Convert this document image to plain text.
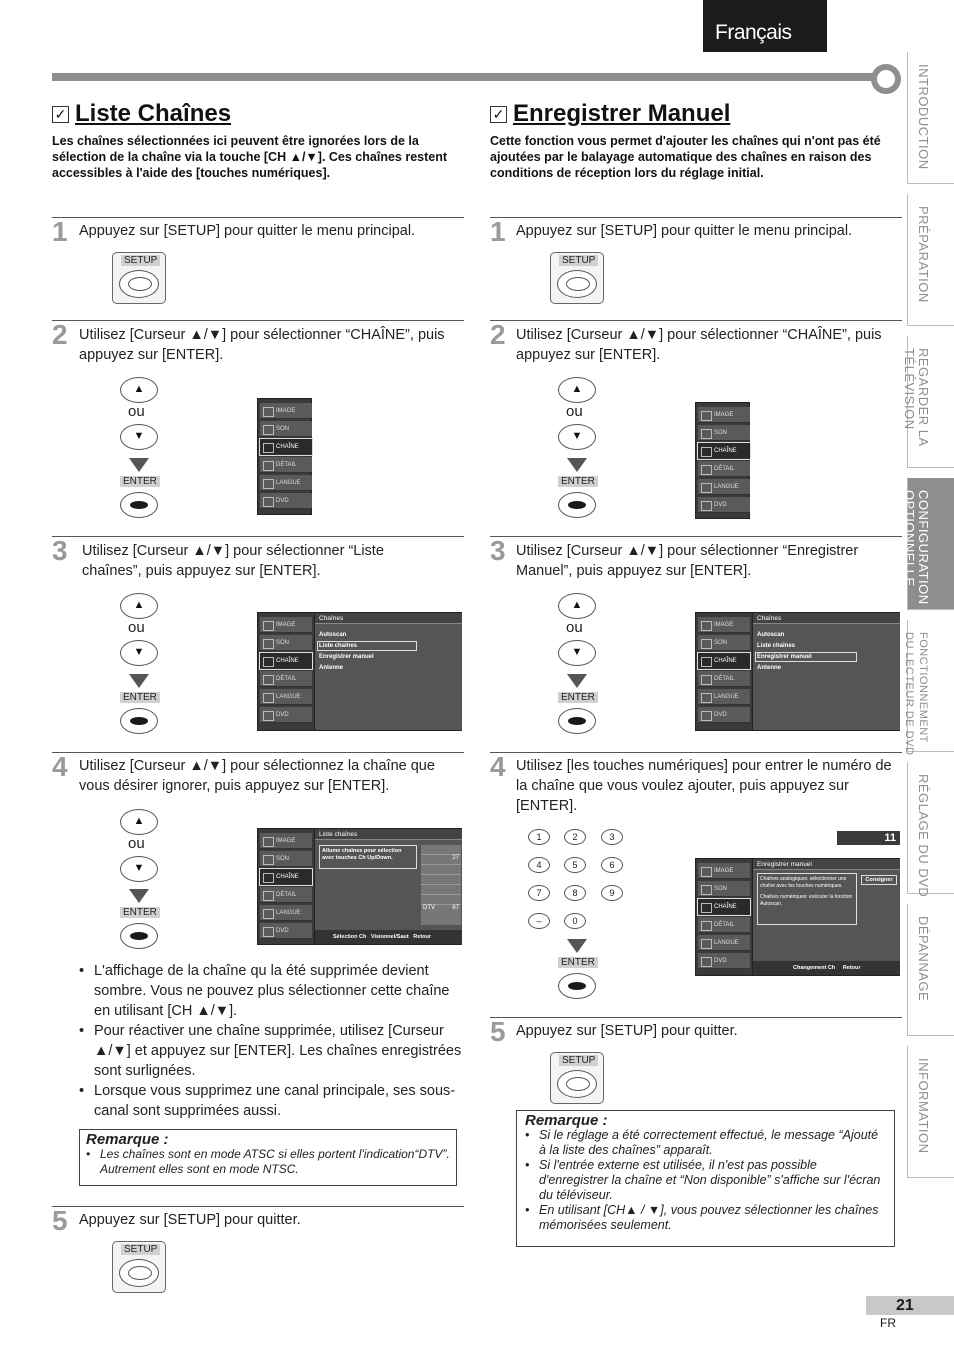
Français
INTRODUCTION
PRÉPARATION
REGARDER LA TÉLÉVISION
CONFIGURATION OPTIONNELLE
FONCTIONNEMENT DU LECTEUR DE DVD
RÉGLAGE DU DVD
DÉPANNAGE
INFORMATION
✓ Liste Chaînes
Les chaînes sélectionnées ici peuvent être ignorées lors de la sélection de la chaîne via la touche [CH ▲/▼]. Ces chaînes restent accessibles à l'aide des [touches numériques].
1 Appuyez sur [SETUP] pour quitter le menu principal.
SETUP
2 Utilisez [Curseur ▲/▼] pour sélectionner “CHAÎNE”, puis appuyez sur [ENTER].
▲
ou
▼
ENTER
IMAGE
SON
CHAÎNE
DÉTAIL
LANGUE
DVD
3 Utilisez [Curseur ▲/▼] pour sélectionner “Liste chaînes”, puis appuyez sur [ENTER].
▲
ou
▼
ENTER
IMAGE
SON
CHAÎNE
DÉTAIL
LANGUE
DVD
Chaînes
Autoscan
Liste chaînes
Enregistrer manuel
Antenne
4 Utilisez [Curseur ▲/▼] pour sélectionnez la chaîne que vous désirer ignorer, puis appuyez sur [ENTER].
▲
ou
▼
ENTER
IMAGE
SON
CHAÎNE
DÉTAIL
LANGUE
DVD
Liste chaînes
Allume chaînes pour sélection avec touches Ch Up/Down.	27
DTV	67
Sélection Ch Visionnel/Saut Retour
• L'affichage de la chaîne qu la été supprimée devient sombre. Vous ne pouvez plus sélectionner cette chaîne en utilisant [CH ▲/▼].
• Pour réactiver une chaîne supprimée, utilisez [Curseur ▲/▼] et appuyez sur [ENTER]. Les chaînes enregistrées sont surlignées.
• Lorsque vous supprimez une canal principale, ses sous-canal sont supprimées aussi.
Remarque :
• Les chaînes sont en mode ATSC si elles portent l'indication“DTV”. Autrement elles sont en mode NTSC.
5 Appuyez sur [SETUP] pour quitter.
SETUP
✓ Enregistrer Manuel
Cette fonction vous permet d'ajouter les chaînes qui n'ont pas été ajoutées par le balayage automatique des chaînes en raison des conditions de réception lors du réglage initial.
1 Appuyez sur [SETUP] pour quitter le menu principal.
SETUP
2 Utilisez [Curseur ▲/▼] pour sélectionner “CHAÎNE”, puis appuyez sur [ENTER].
▲
ou
▼
ENTER
IMAGE
SON
CHAÎNE
DÉTAIL
LANGUE
DVD
3 Utilisez [Curseur ▲/▼] pour sélectionner “Enregistrer Manuel”, puis appuyez sur [ENTER].
▲
ou
▼
ENTER
IMAGE
SON
CHAÎNE
DÉTAIL
LANGUE
DVD
Chaînes
Autoscan
Liste chaînes
Enregistrer manuel
Antenne
4 Utilisez [les touches numériques] pour entrer le numéro de la chaîne que vous voulez ajouter, puis appuyez sur [ENTER].
1	2	3
4	5	6
7	8	9
–	0
ENTER
11
IMAGE
SON
CHAÎNE
DÉTAIL
LANGUE
DVD
Enregistrer manuel
Chaînes analogiques: sélectionner une chaîne avec les touches numériques.
Chaînes numériques: exécuter la fonction Autoscan.
Consigner
Changement Ch Retour
5 Appuyez sur [SETUP] pour quitter.
SETUP
Remarque :
• Si le réglage a été correctement effectué, le message “Ajouté à la liste des chaînes” apparaît.
• Si l'entrée externe est utilisée, il n'est pas possible d'enregistrer la chaîne et “Non disponible” s'affiche sur l'écran du téléviseur.
• En utilisant [CH▲ / ▼], vous pouvez sélectionner les chaînes mémorisées seulement.
21
FR
